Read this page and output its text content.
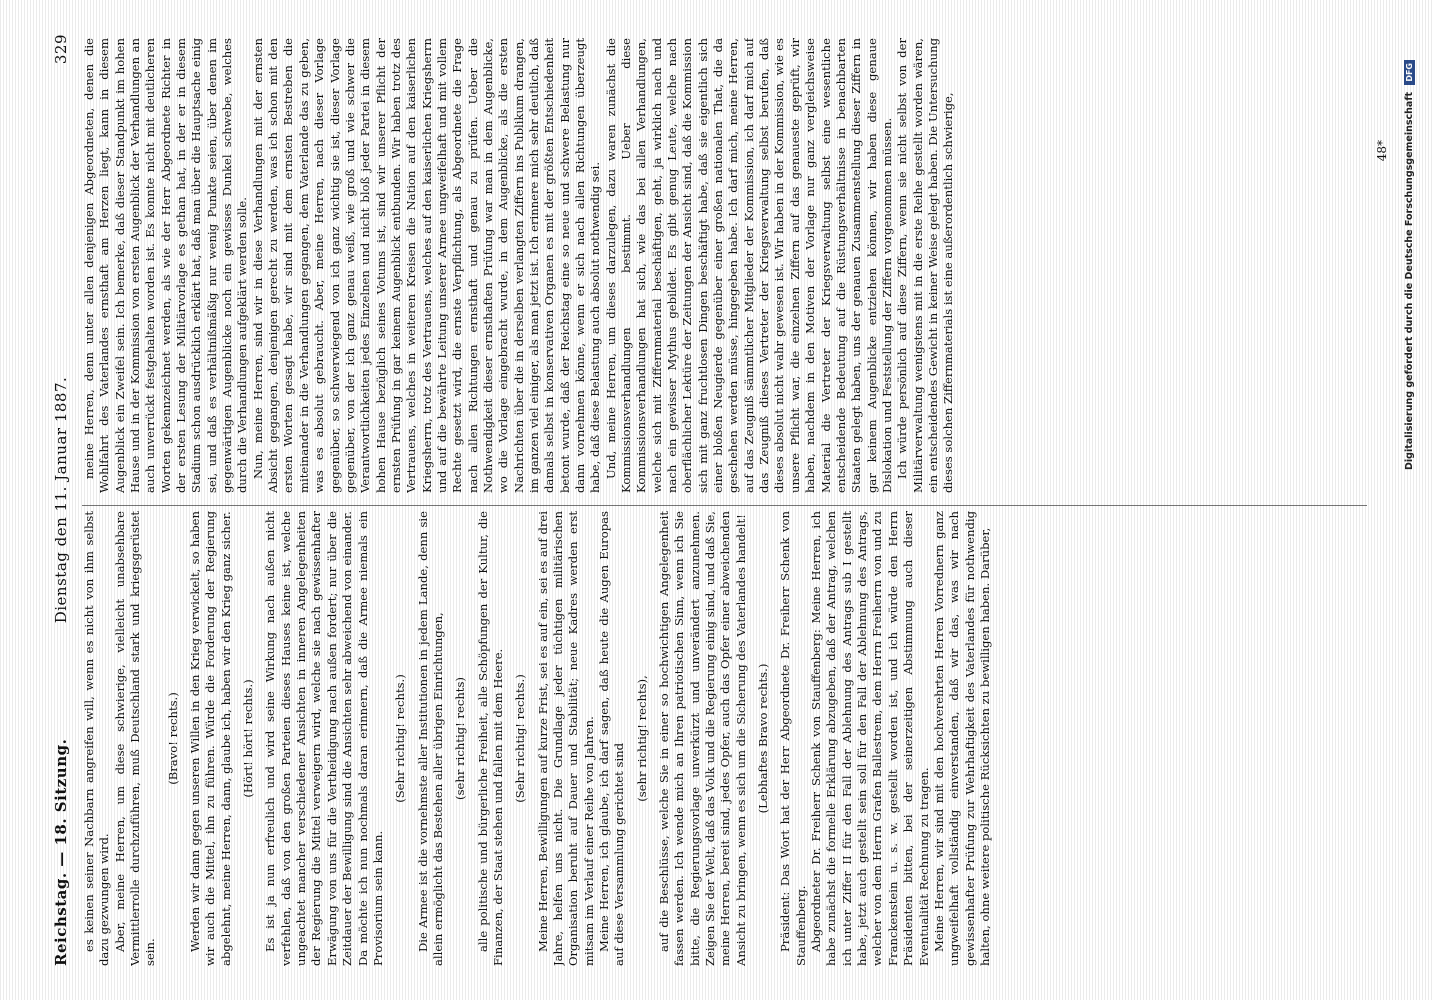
Reichstag. — 18. Sitzung.
Dienstag den 11. Januar 1887.
329

es keinen seiner Nachbarn angreifen will, wenn es nicht von ihm selbst dazu gezwungen wird. Aber, meine Herren, um diese schwierige, vielleicht unabsehbare Vermittlerrolle durchzuführen, muß Deutschland stark und kriegsgerüstet sein.

(Bravo! rechts.) Werden wir dann gegen unseren Willen in den Krieg verwickelt, so haben wir auch die Mittel, ihn zu führen. Würde die Forderung der Regierung abgelehnt, meine Herren, dann, glaube ich, haben wir den Krieg ganz sicher. (Hört! hört! rechts.) Es ist ja nun erfreulich und wird seine Wirkung nach außen nicht verfehlen, daß von den großen Parteien dieses Hauses keine ist, welche ungeachtet mancher verschiedener Ansichten in inneren Angelegenheiten der Regierung die Mittel verweigern wird, welche sie nach gewissenhafter Erwägung von uns für die Vertheidigung nach außen fordert; nur über die Zeitdauer der Bewilligung sind die Ansichten sehr abweichend von einander. Da möchte ich nun nochmals daran erinnern, daß die Armee niemals ein Provisorium sein kann.

(Sehr richtig! rechts.) Die Armee ist die vornehmste aller Institutionen in jedem Lande, denn sie allein ermöglicht das Bestehen aller übrigen Einrichtungen, (sehr richtig! rechts) alle politische und bürgerliche Freiheit, alle Schöpfungen der Kultur, die Finanzen, der Staat stehen und fallen mit dem Heere. (Sehr richtig! rechts.) Meine Herren, Bewilligungen auf kurze Frist, sei es auf ein, sei es auf drei Jahre, helfen uns nicht. Die Grundlage jeder tüchtigen militärischen Organisation beruht auf Dauer und Stabilität; neue Kadres werden erst mitsam im Verlauf einer Reihe von Jahren. Meine Herren, ich glaube, ich darf sagen, daß heute die Augen Europas auf diese Versammlung gerichtet sind

(sehr richtig! rechts), auf die Beschlüsse, welche Sie in einer so hochwichtigen Angelegenheit fassen werden. Ich wende mich an Ihren patriotischen Sinn, wenn ich Sie bitte, die Regierungsvorlage unverkürzt und unverändert anzunehmen. Zeigen Sie der Welt, daß das Volk und die Regierung einig sind, und daß Sie, meine Herren, bereit sind, jedes Opfer, auch das Opfer einer abweichenden Ansicht zu bringen, wenn es sich um die Sicherung des Vaterlandes handelt! (Lebhaftes Bravo rechts.) Präsident: Das Wort hat der Herr Abgeordnete Dr. Freiherr Schenk von Stauffenberg. Abgeordneter Dr. Freiherr Schenk von Stauffenberg: Meine Herren, ich habe zunächst die formelle Erklärung abzugeben, daß der Antrag, welchen ich unter Ziffer II für den Fall der Ablehnung des Antrags sub I gestellt habe, jetzt auch gestellt sein soll für den Fall der Ablehnung des Antrags, welcher von dem Herrn Grafen Ballestrem, dem Herrn Freiherrn von und zu Franckenstein u. s. w. gestellt worden ist, und ich würde den Herrn Präsidenten bitten, bei der seinerzeitigen Abstimmung auch dieser Eventualität Rechnung zu tragen. Meine Herren, wir sind mit den hochverehrten Herren Vorrednern ganz ungweifelhaft vollständig einverstanden, daß wir das, was wir nach gewissenhafter Prüfung zur Wehrhaftigkeit des Vaterlandes für nothwendig halten, ohne weitere politische Rücksichten zu bewilligen haben. Darüber,

meine Herren, denn unter allen denjenigen Abgeordneten, denen die Wohlfahrt des Vaterlandes ernsthaft am Herzen liegt, kann in diesem Augenblick ein Zweifel sein. Ich bemerke, daß dieser Standpunkt im hohen Hause und in der Kommission von ersten Augenblick der Verhandlungen an auch unverrückt festgehalten worden ist. Es konnte nicht mit deutlicheren Worten gekennzeichnet werden, als wie der Herr Abgeordnete Richter in der ersten Lesung der Militärvorlage es gethan hat, in der er in diesem Stadium schon ausdrücklich erklärt hat, daß man über die Hauptsache einig sei, und daß es verhältnißmäßig nur wenig Punkte seien, über denen im gegenwärtigen Augenblicke noch ein gewisses Dunkel schwebe, welches durch die Verhandlungen aufgeklärt werden solle. Nun, meine Herren, sind wir in diese Verhandlungen mit der ernsten Absicht gegangen, denjenigen gerecht zu werden, was ich schon mit den ersten Worten gesagt habe, wir sind mit dem ernsten Bestreben die miteinander in die Verhandlungen gegangen, dem Vaterlande das zu geben, was es absolut gebraucht. Aber, meine Herren, nach dieser Vorlage gegenüber, so schwerwiegend von ich ganz wichtig sie ist, dieser Vorlage gegenüber, von der ich ganz genau weiß, wie groß und wie schwer die Verantwortlichkeiten jedes Einzelnen und nicht bloß jeder Partei in diesem hohen Hause bezüglich seines Votums ist, sind wir unserer Pflicht der ernsten Prüfung in gar keinem Augenblick entbunden. Wir haben trotz des Vertrauens, welches in weiteren Kreisen die Nation auf den kaiserlichen Kriegsherrn, trotz des Vertrauens, welches auf den kaiserlichen Kriegsherrn und auf die bewährte Leitung unserer Armee ungweifelhaft und mit vollem Rechte gesetzt wird, die ernste Verpflichtung, als Abgeordnete die Frage nach allen Richtungen ernsthaft und genau zu prüfen. Ueber die Nothwendigkeit dieser ernsthaften Prüfung war man in dem Augenblicke, wo die Vorlage eingebracht wurde, in dem Augenblicke, als die ersten Nachrichten über die in derselben verlangten Ziffern ins Publikum drangen, im ganzen viel einiger, als man jetzt ist. Ich erinnere mich sehr deutlich, daß damals selbst in konservativen Organen es mit der größten Entschiedenheit betont wurde, daß der Reichstag eine so neue und schwere Belastung nur dann vornehmen könne, wenn er sich nach allen Richtungen überzeugt habe, daß diese Belastung auch absolut nothwendig sei. Und, meine Herren, um dieses darzulegen, dazu waren zunächst die Kommissionsverhandlungen bestimmt. Ueber diese Kommissionsverhandlungen hat sich, wie das bei allen Verhandlungen, welche sich mit Ziffernmaterial beschäftigen, geht, ja wirklich nach und nach ein gewisser Mythus gebildet. Es gibt genug Leute, welche nach oberflächlicher Lektüre der Zeitungen der Ansicht sind, daß die Kommission sich mit ganz fruchtlosen Dingen beschäftigt habe, daß sie eigentlich sich einer bloßen Neugierde gegenüber einer großen nationalen That, die da geschehen werden müsse, hingegeben habe. Ich darf mich, meine Herren, auf das Zeugniß sämmtlicher Mitglieder der Kommission, ich darf mich auf das Zeugniß dieses Vertreter der Kriegsverwaltung selbst berufen, daß dieses absolut nicht wahr gewesen ist. Wir haben in der Kommission, wie es unsere Pflicht war, die einzelnen Ziffern auf das genaueste geprüft, wir haben, nachdem in den Motiven der Vorlage nur ganz vergleichsweise Material die Vertreter der Kriegsverwaltung selbst eine wesentliche entscheidende Bedeutung auf die Rüstungsverhältnisse in benachbarten Staaten gelegt haben, uns der genauen Zusammenstellung dieser Ziffern in gar keinem Augenblicke entziehen können, wir haben diese genaue Dislokation und Feststellung der Ziffern vorgenommen müssen. Ich würde persönlich auf diese Ziffern, wenn sie nicht selbst von der Militärverwaltung wenigstens mit in die erste Reihe gestellt worden wären, ein entscheidendes Gewicht in keiner Weise gelegt haben. Die Untersuchung dieses solchen Ziffernmaterials ist eine außerordentlich schwierige,	48* Digitalisierung gefördert durch die Deutsche Forschungsgemeinschaft DFG
